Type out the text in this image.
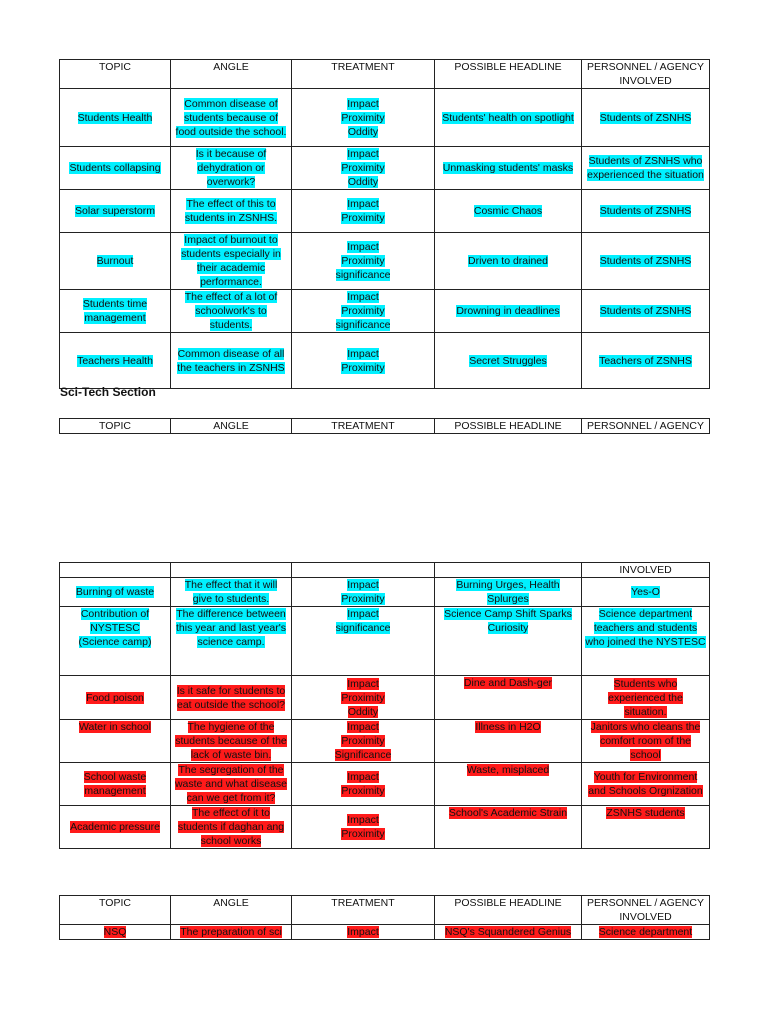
TOPIC	ANGLE	TREATMENT	POSSIBLE HEADLINE	PERSONNEL / AGENCY INVOLVED
Students Health	Common disease of students because of food outside the school.	Impact Proximity Oddity	Students' health on spotlight	Students of ZSNHS
Students collapsing	Is it because of dehydration or overwork?	Impact Proximity Oddity	Unmasking students' masks	Students of ZSNHS who experienced the situation
Solar superstorm	The effect of this to students in ZSNHS.	Impact Proximity	Cosmic Chaos	Students of ZSNHS
Burnout	Impact of burnout to students especially in their academic performance.	Impact Proximity significance	Driven to drained	Students of ZSNHS
Students time management	The effect of a lot of schoolwork's to students.	Impact Proximity significance	Drowning in deadlines	Students of ZSNHS
Teachers Health	Common disease of all the teachers in ZSNHS	Impact Proximity	Secret Struggles	Teachers of ZSNHS
Sci-Tech Section
TOPIC	ANGLE	TREATMENT	POSSIBLE HEADLINE	PERSONNEL / AGENCY
				INVOLVED
Burning of waste	The effect that it will give to students.	Impact Proximity	Burning Urges, Health Splurges	Yes-O
Contribution of NYSTESC (Science camp)	The difference between this year and last year's science camp.	Impact significance	Science Camp Shift Sparks Curiosity	Science department teachers and students who joined the NYSTESC
Food poison	Is it safe for students to eat outside the school?	Impact Proximity Oddity	Dine and Dash-ger	Students who experienced the situation.
Water in school	The hygiene of the students because of the lack of waste bin.	Impact Proximity Significance	Illness in H2O	Janitors who cleans the comfort room of the school
School waste management	The segregation of the waste and what disease can we get from it?	Impact Proximity	Waste, misplaced	Youth for Environment and Schools Orgnization
Academic pressure	The effect of it to students if daghan ang school works	Impact Proximity	School's Academic Strain	ZSNHS students
TOPIC	ANGLE	TREATMENT	POSSIBLE HEADLINE	PERSONNEL / AGENCY INVOLVED
NSQ	The preparation of sci	Impact	NSQ's Squandered Genius	Science department
